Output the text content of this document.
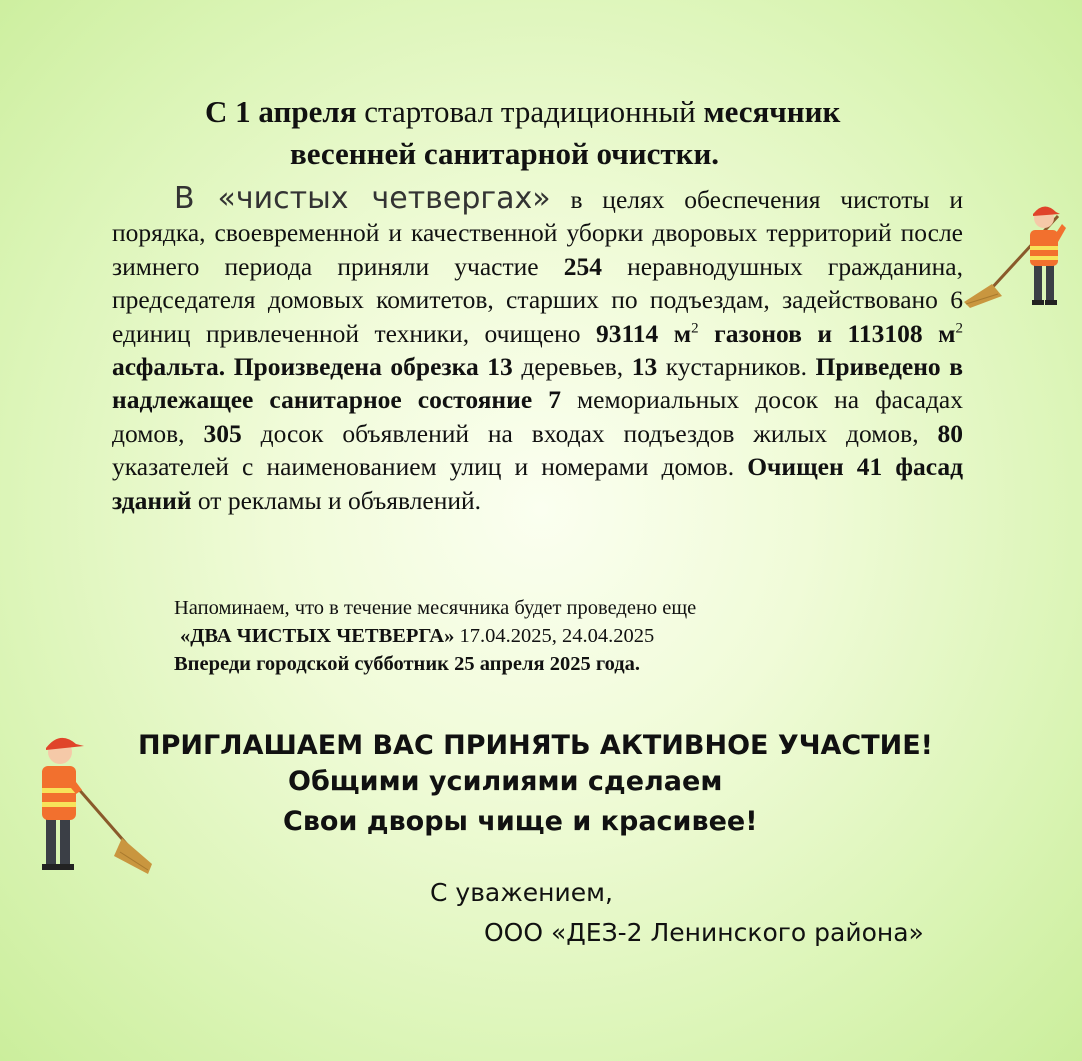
С 1 апреля стартовал традиционный месячник
весенней санитарной очистки.
В «чистых четвергах» в целях обеспечения чистоты и порядка, своевременной и качественной уборки дворовых территорий после зимнего периода приняли участие 254 неравнодушных гражданина, председателя домовых комитетов, старших по подъездам, задействовано 6 единиц привлеченной техники, очищено 93114 $м^2$ газонов и 113108 $м^2$ асфальта. Произведена обрезка 13 деревьев, 13 кустарников. Приведено в надлежащее санитарное состояние 7 мемориальных досок на фасадах домов, 305 досок объявлений на входах подъездов жилых домов, 80 указателей с наименованием улиц и номерами домов. Очищен 41 фасад зданий от рекламы и объявлений.
Напоминаем, что в течение месячника будет проведено еще
«ДВА ЧИСТЫХ ЧЕТВЕРГА» 17.04.2025, 24.04.2025
Впереди городской субботник 25 апреля 2025 года.
ПРИГЛАШАЕМ ВАС ПРИНЯТЬ АКТИВНОЕ УЧАСТИЕ!
Общими усилиями сделаем
Свои дворы чище и красивее!
С уважением,
ООО «ДЕЗ-2 Ленинского района»
